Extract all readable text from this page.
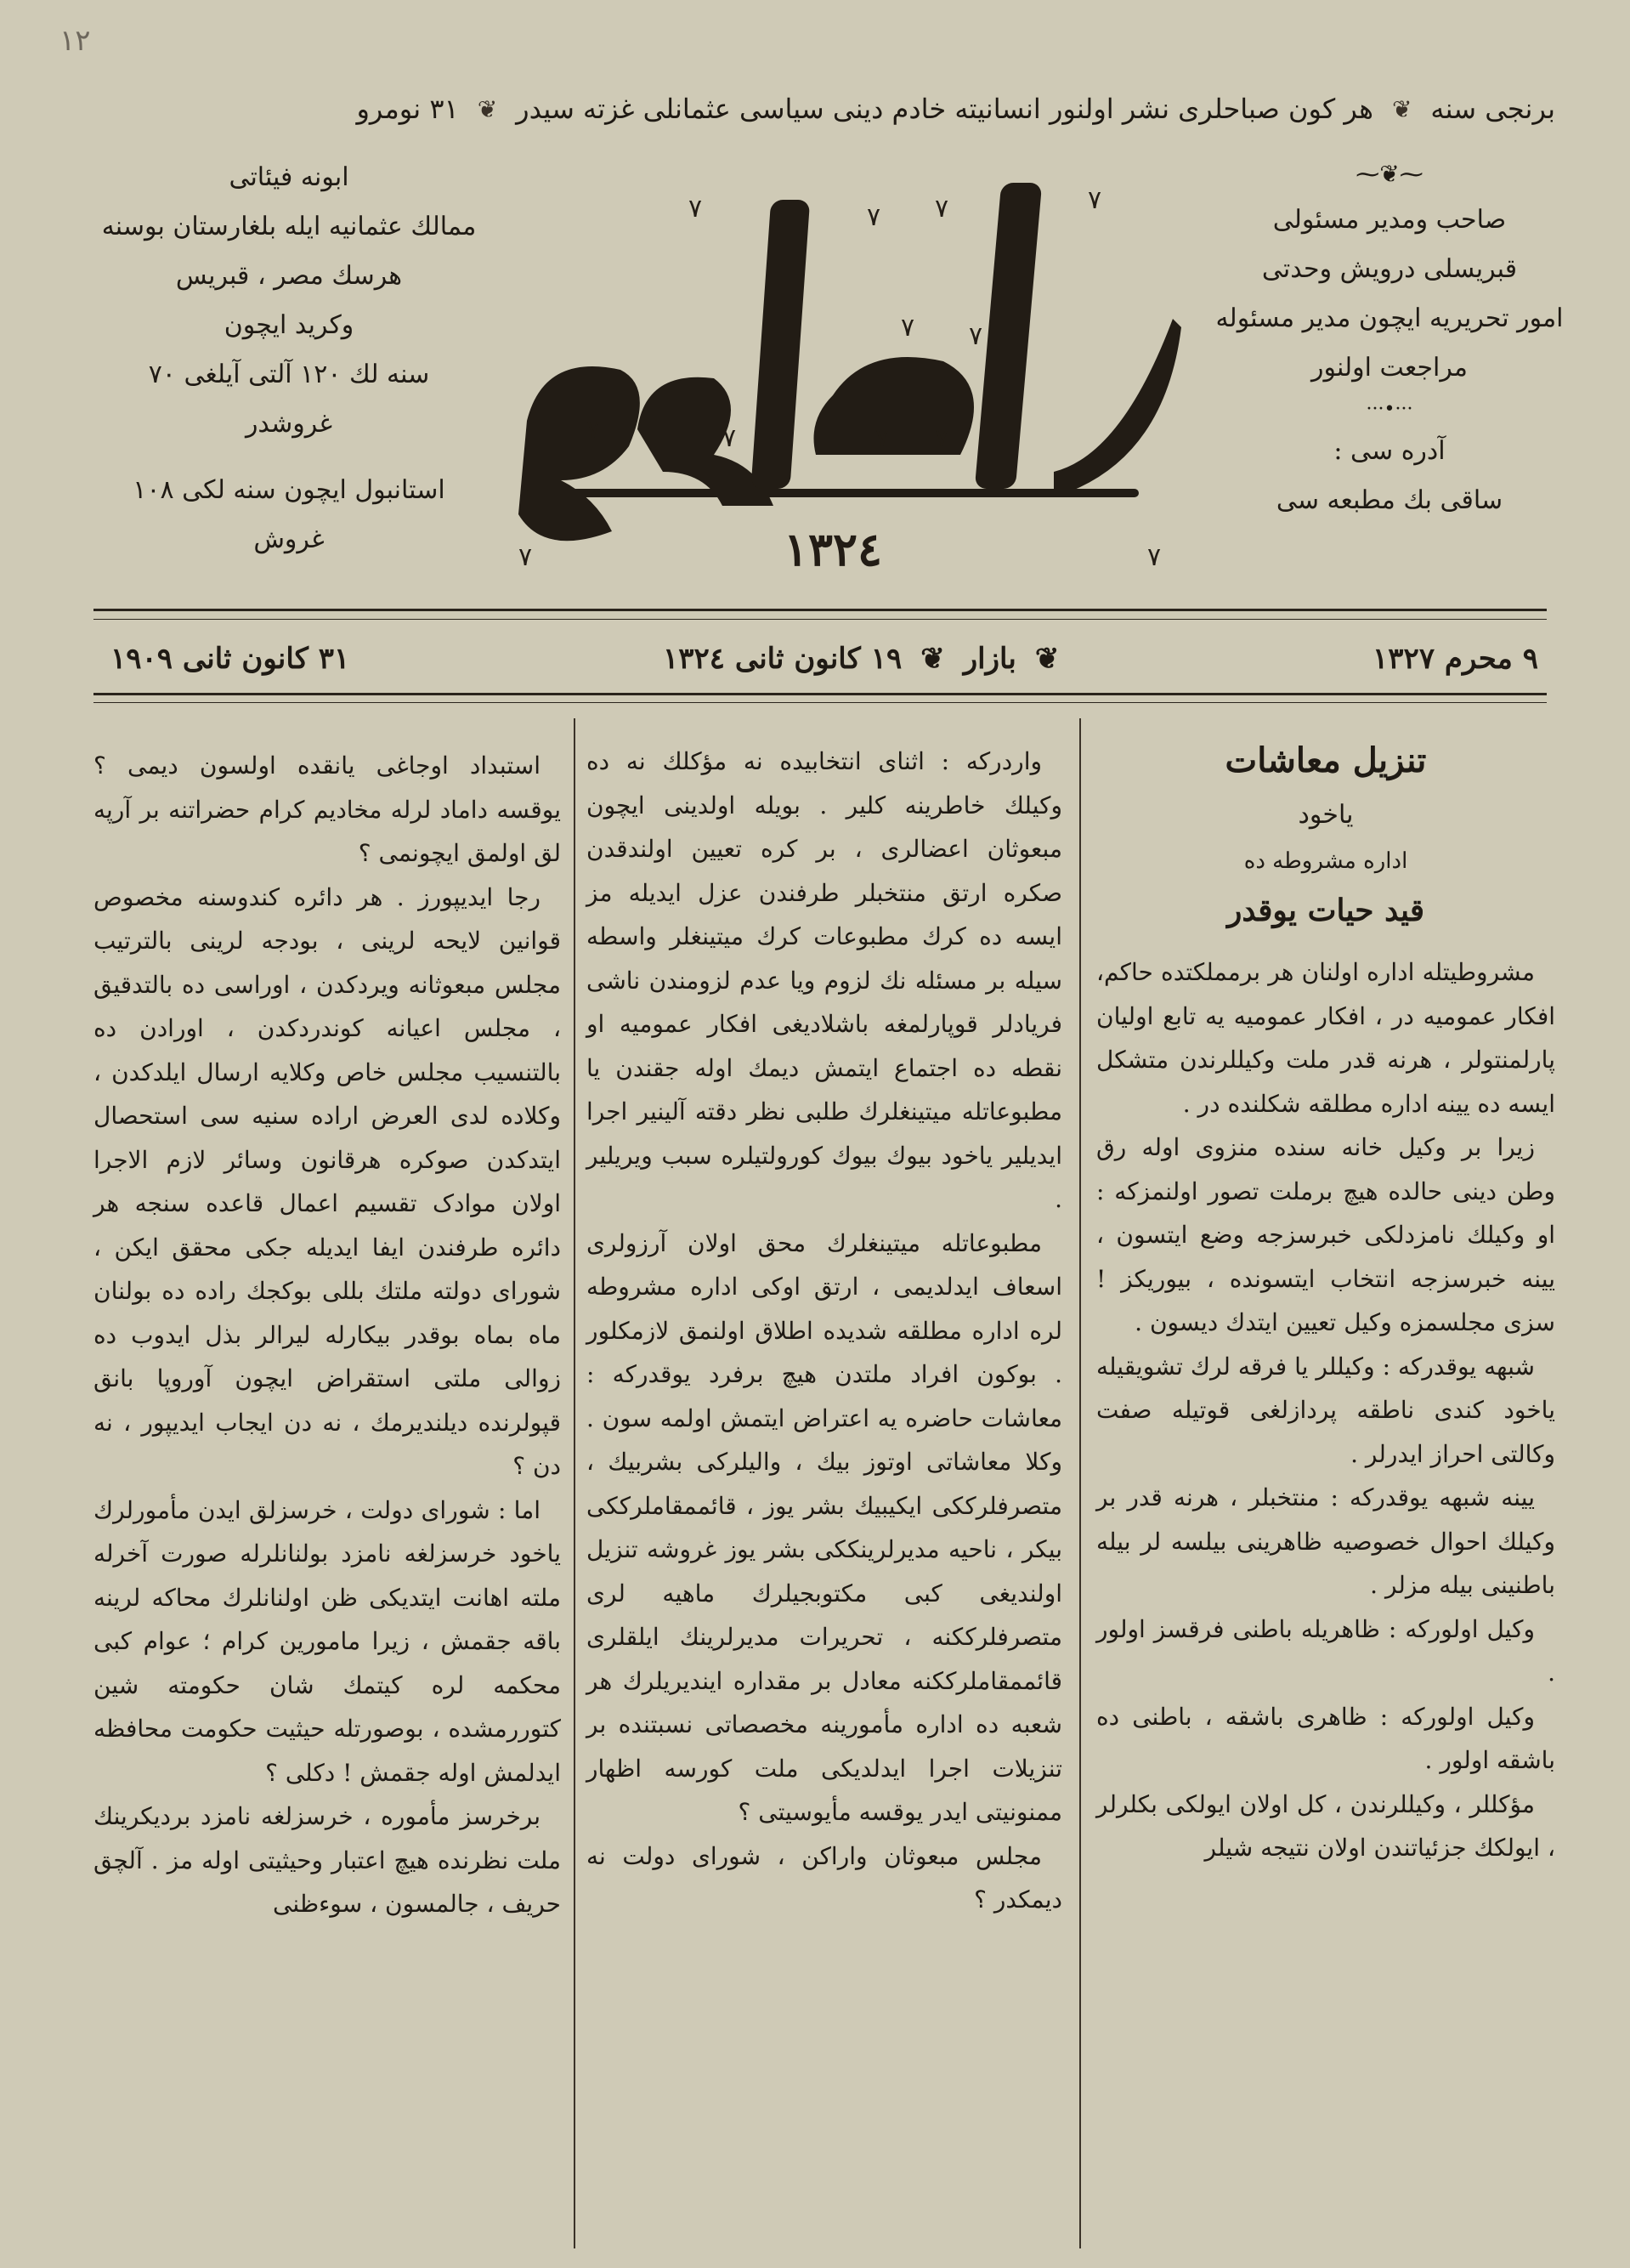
١٢
برنجی سنه
❦
هر کون صباحلری نشر اولنور انسانیته خادم دینی سیاسی عثمانلی غزته سیدر
❦
٣١ نومرو
⁓❦⁓
صاحب ومدیر مسئولی
قبریسلی درویش وحدتی
امور تحریریه ایچون مدیر مسئوله
مراجعت اولنور
···•···
آدره سی :
ساقی بك مطبعه سی
٧	٧ ٧	٧
٧ ٧
٧	٧	٧ ٧
٧	٧
١٣٢٤
وولقان
ابونه فیئاتی
ممالك عثمانیه ایله بلغارستان بوسنه
هرسك مصر ، قبریس
وكرید ایچون
سنه لك ١٢٠ آلتی آیلغی ٧٠
غروشدر
استانبول ایچون سنه لكی ١٠٨
غروش
٩ محرم ١٣٢٧
❦
بازار
❦
١٩ كانون ثانی ١٣٢٤
٣١ كانون ثانی ١٩٠٩
تنزیل معاشات
یاخود
اداره مشروطه ده
قید حیات یوقدر

مشروطیتله اداره اولنان هر برمملكتده حاکم، افکار عمومیه در ، افکار عمومیه یه تابع اولیان پارلمنتولر ، هرنه قدر ملت وکیللرندن متشکل ایسه ده یینه اداره مطلقه شکلنده در .

زیرا بر وکیل خانه سنده منزوی اوله رق وطن دینی حالده هیچ برملت تصور اولنمزکه : او وکیلك نامزدلکی خبرسزجه وضع ایتسون ، یینه خبرسزجه انتخاب ایتسونده ، بیوریکز ! سزی مجلسمزه وکیل تعیین ایتدك دیسون .

شبهه یوقدركه : وکیللر یا فرقه لرك تشویقیله یاخود كندی ناطقه پردازلغی قوتیله صفت وکالتی احراز ایدرلر .

یینه شبهه یوقدركه : منتخبلر ، هرنه قدر بر وکیلك احوال خصوصیه ظاهرینی بیلسه لر بیله باطنینی بیله مزلر .

وکیل اولورکه : ظاهریله باطنی فرقسز اولور .

وکیل اولورکه : ظاهری باشقه ، باطنی ده باشقه اولور .

مؤکللر ، وکیللرندن ، کل اولان ایولکی بکلرلر ، ایولکك جزئیاتندن اولان نتیجه شیلر

واردرکه : اثنای انتخابیده نه مؤکلك نه ده وکیلك خاطرینه کلیر . بویله اولدینی ایچون مبعوثان اعضالری ، بر کره تعیین اولندقدن صکره ارتق منتخبلر طرفندن عزل ایدیله مز ایسه ده کرك مطبوعات کرك میتینغلر واسطه سیله بر مسئله نك لزوم ویا عدم لزومندن ناشی فریادلر قوپارلمغه باشلادیغی افکار عمومیه او نقطه ده اجتماع ایتمش دیمك اوله جقندن یا مطبوعاتله میتینغلرك طلبی نظر دقته آلینیر اجرا ایدیلیر یاخود بیوك بیوك کورولتیلره سبب ویریلیر .

مطبوعاتله میتینغلرك محق اولان آرزولری اسعاف ایدلدیمی ، ارتق اوکی اداره مشروطه لره اداره مطلقه شدیده اطلاق اولنمق لازمکلور . بوکون افراد ملتدن هیچ برفرد یوقدرکه : معاشات حاضره یه اعتراض ایتمش اولمه سون . وکلا معاشاتی اوتوز بیك ، والیلرکی بشربیك ، متصرفلرککی ایکیبیك بشر یوز ، قائممقاملرککی بیکر ، ناحیه مدیرلرینككی بشر یوز غروشه تنزیل اولندیغی کبی مکتوبجیلرك ماهیه لری متصرفلرککنه ، تحریرات مدیرلرینك ایلقلری قائممقاملرککنه معادل بر مقداره ایندیریلرك هر شعبه ده اداره مأمورینه مخصصاتی نسبتنده بر تنزیلات اجرا ایدلدیکی ملت کورسه اظهار ممنونیتی ایدر یوقسه مأیوسیتی ؟

مجلس مبعوثان واراکن ، شورای دولت نه دیمکدر ؟

استبداد اوجاغی یانقده اولسون دیمی ؟ یوقسه داماد لرله مخادیم کرام حضراتنه بر آرپه لق اولمق ایچونمی ؟

رجا ایدیپورز . هر دائره کندوسنه مخصوص قوانین لایحه لرینی ، بودجه لرینی بالترتیب مجلس مبعوثانه ویردکدن ، اوراسی ده بالتدقیق ، مجلس اعیانه کوندردکدن ، اورادن ده بالتنسیب مجلس خاص وکلایه ارسال ایلدکدن ، وکلاده لدی العرض اراده سنیه سی استحصال ایتدکدن صوکره هرقانون وسائر لازم الاجرا اولان موادک تقسیم اعمال قاعده سنجه هر دائره طرفندن ایفا ایدیله جکی محقق ایکن ، شورای دولته ملتك بللی بوکجك راده ده بولنان ماه بماه بوقدر بیکارله لیرالر بذل ایدوب ده زوالی ملتی استقراض ایچون آوروپا بانق قپولرنده دیلندیرمك ، نه دن ایجاب ایدیپور ، نه دن ؟

اما : شورای دولت ، خرسزلق ایدن مأمورلرك یاخود خرسزلغه نامزد بولنانلرله صورت آخرله ملته اهانت ایتدیکی ظن اولنانلرك محاکه لرینه باقه جقمش ، زیرا مامورین کرام ؛ عوام کبی محکمه لره کیتمك شان حکومته شین کتوررمشده ، بوصورتله حیثیت حکومت محافظه ایدلمش اوله جقمش ! دکلی ؟

برخرسز مأموره ، خرسزلغه نامزد بردیکرینك ملت نظرنده هیچ اعتبار وحیثیتی اوله مز . آلچق حریف ، جالمسون ، سوءظنی
